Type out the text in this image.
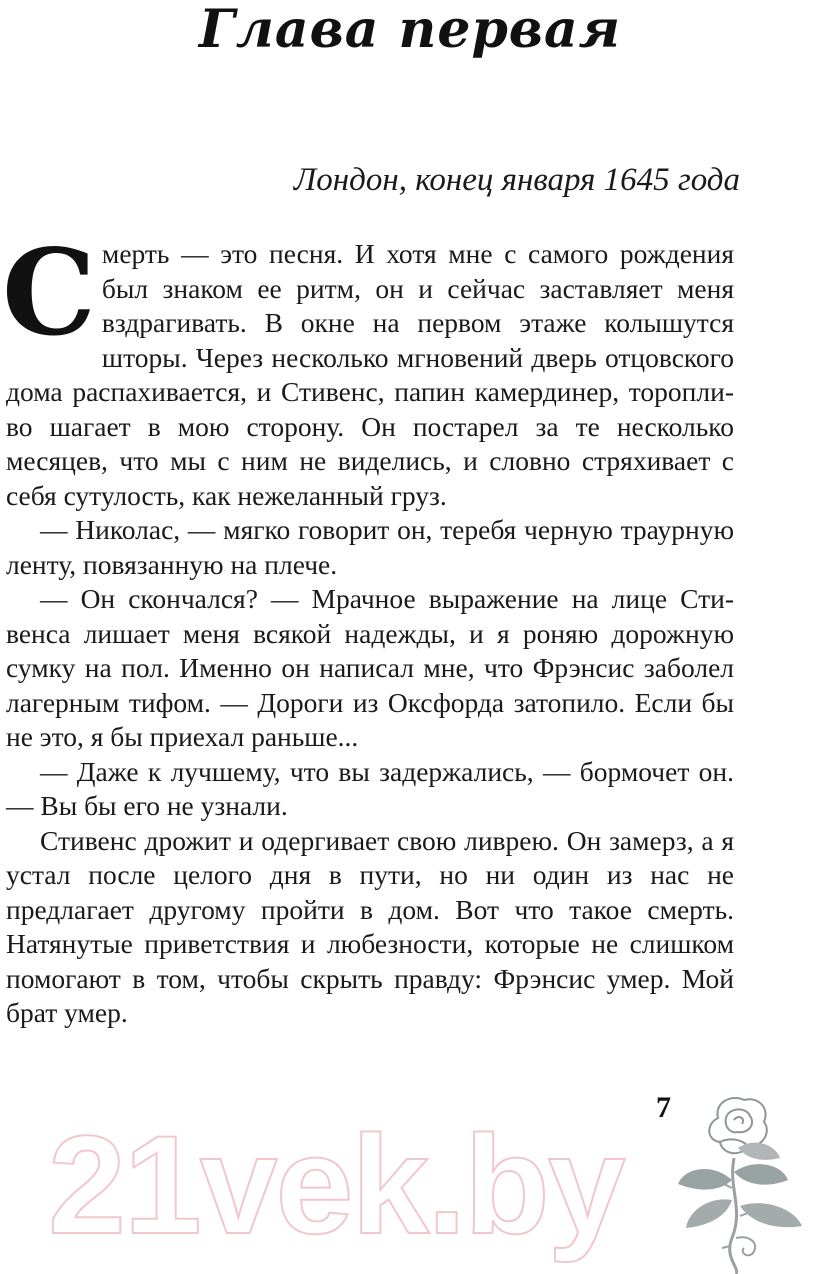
Глава первая

Лондон, конец января 1645 года

Смерть — это песня. И хотя мне с самого рождения был знаком ее ритм, он и сейчас заставляет меня вздрагивать. В окне на первом этаже колышутся шторы. Через несколько мгновений дверь отцовского дома распахивается, и Стивенс, папин камердинер, торопливо шагает в мою сторону. Он постарел за те несколько месяцев, что мы с ним не виделись, и словно стряхивает с себя сутулость, как нежеланный груз.

— Николас, — мягко говорит он, теребя черную траурную ленту, повязанную на плече.

— Он скончался? — Мрачное выражение на лице Стивенса лишает меня всякой надежды, и я роняю дорожную сумку на пол. Именно он написал мне, что Фрэнсис заболел лагерным тифом. — Дороги из Оксфорда затопило. Если бы не это, я бы приехал раньше...

— Даже к лучшему, что вы задержались, — бормочет он. — Вы бы его не узнали.

Стивенс дрожит и одергивает свою ливрею. Он замерз, а я устал после целого дня в пути, но ни один из нас не предлагает другому пройти в дом. Вот что такое смерть. Натянутые приветствия и любезности, которые не слишком помогают в том, чтобы скрыть правду: Фрэнсис умер. Мой брат умер.

21vek.by 7
